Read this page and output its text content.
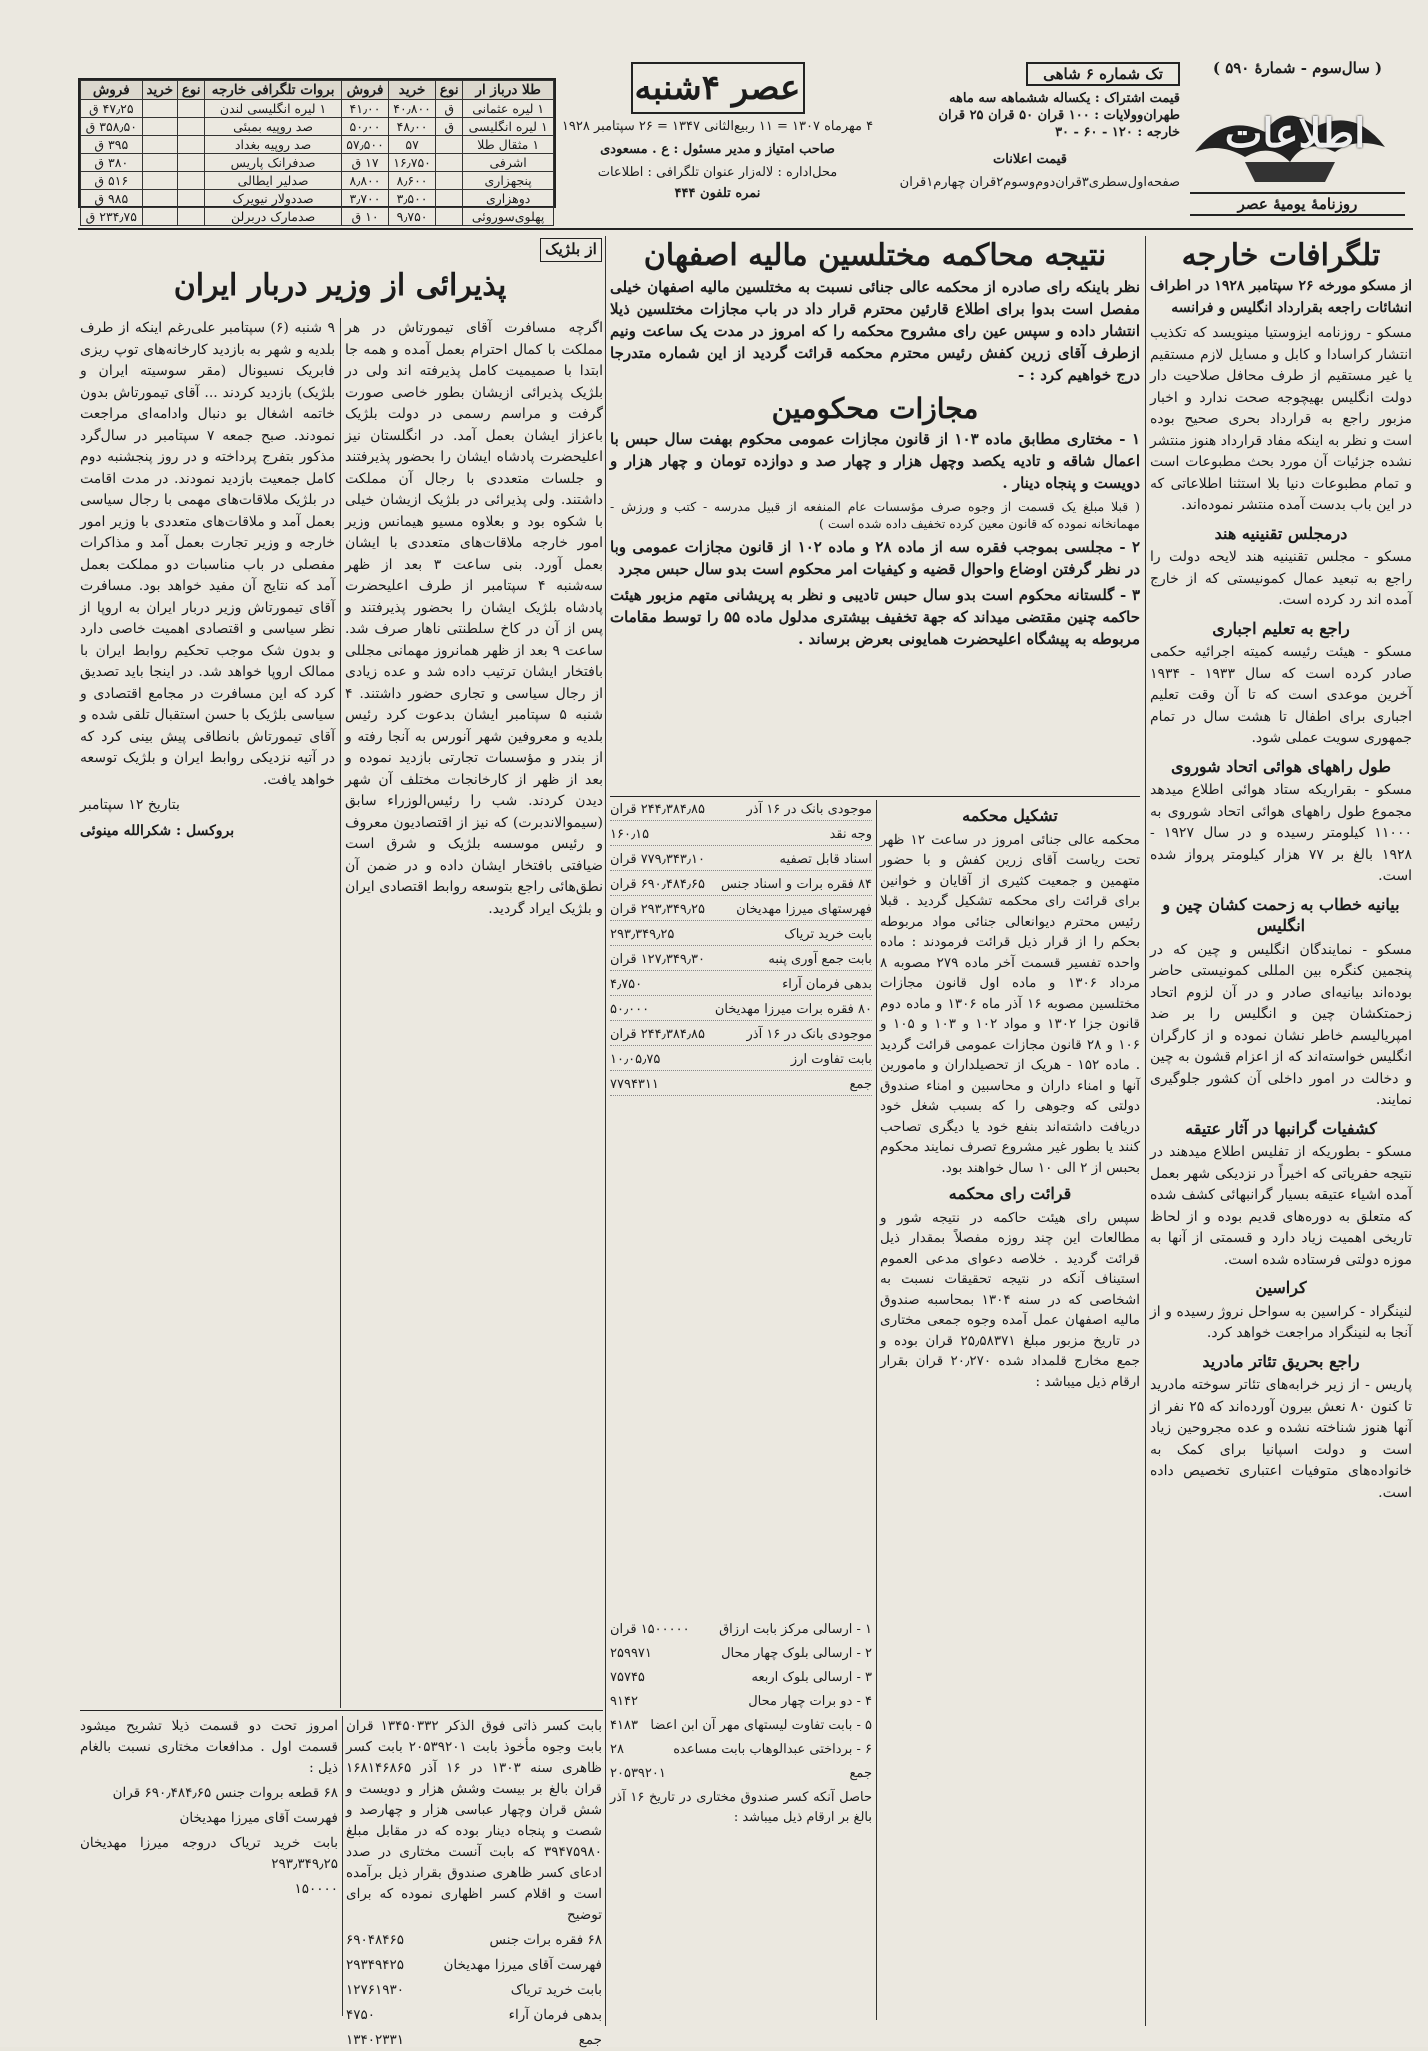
( سال‌سوم - شمارهٔ ۵۹۰ )
اطلاعات
روزنامهٔ یومیهٔ عصر
تک شماره ۶ شاهی
قیمت اشتراک : یکساله ششماهه سه ماهه
طهران‌وولایات : ۱۰۰ قران ۵۰ قران ۲۵ قران
خارجه : ۱۲۰ - ۶۰ - ۳۰
قیمت اعلانات
صفحه‌اول‌سطری‌۳قران‌دوم‌وسوم‌۲قران چهارم‌۱قران
عصر ۴شنبه
۴ مهرماه ۱۳۰۷ = ۱۱ ربیع‌الثانی ۱۳۴۷ = ۲۶ سپتامبر ۱۹۲۸
صاحب امتیاز و مدیر مسئول : ع . مسعودی
محل‌اداره : لاله‌زار عنوان تلگرافی : اطلاعات
نمره تلفون ۴۴۴
طلا درباز ار	نوع	خرید	فروش	بروات تلگرافی خارجه	نوع	خرید	فروش
۱ لیره عثمانی	ق	۴۰٫۸۰۰	۴۱٫۰۰	۱ لیره انگلیسی لندن			۴۷٫۲۵ ق
۱ لیره انگلیسی	ق	۴۸٫۰۰	۵۰٫۰۰	صد روپیه بمبئی			۳۵۸٫۵۰ ق
۱ مثقال طلا		۵۷	۵۷٫۵۰۰	صد روپیه بغداد			۳۹۵ ق
اشرفی		۱۶٫۷۵۰	۱۷ ق	صدفرانک پاریس			۳۸۰ ق
پنجهزاری		۸٫۶۰۰	۸٫۸۰۰	صدلیر ایطالی			۵۱۶ ق
دوهزاری		۳٫۵۰۰	۳٫۷۰۰	صددولار نیویرک			۹۸۵ ق
پهلوی‌سوروئی		۹٫۷۵۰	۱۰ ق	صدمارک دربرلن			۲۳۴٫۷۵ ق
تلگرافات خارجه

از مسکو مورخه ۲۶ سپتامبر ۱۹۲۸ در اطراف انشائات راجعه بقرارداد انگلیس و فرانسه

مسکو - روزنامه ایزوستیا مینویسد که تکذیب انتشار کراسادا و کابل و مسایل لازم مستقیم یا غیر مستقیم از طرف محافل صلاحیت دار دولت انگلیس بهیچوجه صحت ندارد و اخبار مزبور راجع به قرارداد بحری صحیح بوده است و نظر به اینکه مفاد قرارداد هنوز منتشر نشده جزئیات آن مورد بحث مطبوعات است و تمام مطبوعات دنیا بلا استثنا اطلاعاتی که در این باب بدست آمده منتشر نموده‌اند.

درمجلس تقنینیه هند

مسکو - مجلس تقنینیه هند لایحه دولت را راجع به تبعید عمال کمونیستی که از خارج آمده اند رد کرده است.

راجع به تعلیم اجباری

مسکو - هیئت رئیسه کمیته اجرائیه حکمی صادر کرده است که سال ۱۹۳۳ - ۱۹۳۴ آخرین موعدی است که تا آن وقت تعلیم اجباری برای اطفال تا هشت سال در تمام جمهوری سویت عملی شود.

طول راههای هوائی اتحاد شوروی

مسکو - بقراریکه ستاد هوائی اطلاع میدهد مجموع طول راههای هوائی اتحاد شوروی به ۱۱۰۰۰ کیلومتر رسیده و در سال ۱۹۲۷ - ۱۹۲۸ بالغ بر ۷۷ هزار کیلومتر پرواز شده است.

بیانیه خطاب به زحمت کشان چین و انگلیس

مسکو - نمایندگان انگلیس و چین که در پنجمین کنگره بین المللی کمونیستی حاضر بوده‌اند بیانیه‌ای صادر و در آن لزوم اتحاد زحمتکشان چین و انگلیس را بر ضد امپریالیسم خاطر نشان نموده و از کارگران انگلیس خواسته‌اند که از اعزام قشون به چین و دخالت در امور داخلی آن کشور جلوگیری نمایند.

کشفیات گرانبها در آثار عتیقه

مسکو - بطوریکه از تفلیس اطلاع میدهند در نتیجه حفریاتی که اخیراً در نزدیکی شهر بعمل آمده اشیاء عتیقه بسیار گرانبهائی کشف شده که متعلق به دوره‌های قدیم بوده و از لحاظ تاریخی اهمیت زیاد دارد و قسمتی از آنها به موزه دولتی فرستاده شده است.

کراسین

لنینگراد - کراسین به سواحل نروژ رسیده و از آنجا به لنینگراد مراجعت خواهد کرد.

راجع بحریق تئاتر مادرید

پاریس - از زیر خرابه‌های تئاتر سوخته مادرید تا کنون ۸۰ نعش بیرون آورده‌اند که ۲۵ نفر از آنها هنوز شناخته نشده و عده مجروحین زیاد است و دولت اسپانیا برای کمک به خانواده‌های متوفیات اعتباری تخصیص داده است.

نتیجه محاکمه مختلسین مالیه اصفهان

نظر باینکه رای صادره از محکمه عالی جنائی نسبت به مختلسین مالیه اصفهان خیلی مفصل است بدوا برای اطلاع قارئین محترم قرار داد در باب مجازات مختلسین ذیلا انتشار داده و سپس عین رای مشروح محکمه را که امروز در مدت یک ساعت ونیم ازطرف آقای زرین کفش رئیس محترم محکمه قرائت گردید از این شماره متدرجا درج خواهیم کرد : -

مجازات محکومین

۱ - مختاری مطابق ماده ۱۰۳ از قانون مجازات عمومی محکوم بهفت سال حبس با اعمال شاقه و تادیه یکصد وچهل هزار و چهار صد و دوازده تومان و چهار هزار و دویست و پنجاه دینار .

( قبلا مبلغ یک قسمت از وجوه صرف مؤسسات عام المنفعه از قبیل مدرسه - کتب و ورزش - مهمانخانه نموده که قانون معین کرده تخفیف داده شده است )

۲ - مجلسی بموجب فقره سه از ماده ۲۸ و ماده ۱۰۲ از قانون مجازات عمومی وبا در نظر گرفتن اوضاع واحوال قضیه و کیفیات امر محکوم است بدو سال حبس مجرد

۳ - گلستانه محکوم است بدو سال حبس تادیبی و نظر به پریشانی متهم مزبور هیئت حاکمه چنین مقتضی میداند که جهة تخفیف بیشتری مدلول ماده ۵۵ را توسط مقامات مربوطه به پیشگاه اعلیحضرت همایونی بعرض برساند .

تشکیل محکمه

محکمه عالی جنائی امروز در ساعت ۱۲ ظهر تحت ریاست آقای زرین کفش و با حضور متهمین و جمعیت کثیری از آقایان و خوانین برای قرائت رای محکمه تشکیل گردید . قبلا رئیس محترم دیوانعالی جنائی مواد مربوطه بحکم را از قرار ذیل قرائت فرمودند : ماده واحده تفسیر قسمت آخر ماده ۲۷۹ مصوبه ۸ مرداد ۱۳۰۶ و ماده اول قانون مجازات مختلسین مصوبه ۱۶ آذر ماه ۱۳۰۶ و ماده دوم قانون جزا ۱۳۰۲ و مواد ۱۰۲ و ۱۰۳ و ۱۰۵ و ۱۰۶ و ۲۸ قانون مجازات عمومی قرائت گردید . ماده ۱۵۲ - هریک از تحصیلداران و مامورین آنها و امناء داران و محاسبین و امناء صندوق دولتی که وجوهی را که بسبب شغل خود دریافت داشته‌اند بنفع خود یا دیگری تصاحب کنند یا بطور غیر مشروع تصرف نمایند محکوم بحبس از ۲ الی ۱۰ سال خواهند بود.

قرائت رای محکمه

سپس رای هیئت حاکمه در نتیجه شور و مطالعات این چند روزه مفصلاً بمقدار ذیل قرائت گردید . خلاصه دعوای مدعی العموم استیناف آنکه در نتیجه تحقیقات نسبت به اشخاصی که در سنه ۱۳۰۴ بمحاسبه صندوق مالیه اصفهان عمل آمده وجوه جمعی مختاری در تاریخ مزبور مبلغ ۲۵٫۵۸۳۷۱ قران بوده و جمع مخارج قلمداد شده ۲۰٫۲۷۰ قران بقرار ارقام ذیل میباشد :

موجودی بانک در ۱۶ آذر
۲۴۴٫۳۸۴٫۸۵ قران

وجه نقد
۱۶۰٫۱۵

اسناد قابل تصفیه
۷۷۹٫۳۴۳٫۱۰ قران

۸۴ فقره برات و اسناد جنس
۶۹۰٫۴۸۴٫۶۵ قران

فهرستهای میرزا مهدیخان
۲۹۳٫۳۴۹٫۲۵ قران

بابت خرید تریاک
۲۹۳٫۳۴۹٫۲۵

بابت جمع آوری پنبه
۱۲۷٫۳۴۹٫۳۰ قران

بدهی فرمان آراء
۴٫۷۵۰

۸۰ فقره برات میرزا مهدیخان
۵۰٫۰۰۰

موجودی بانک در ۱۶ آذر
۲۴۴٫۳۸۴٫۸۵ قران

بابت تفاوت ارز
۱۰٫۰۵٫۷۵

جمع
۷۷۹۴۳۱۱

۱ - ارسالی مرکز بابت ارزاق
۱۵۰۰۰۰۰ قران

۲ - ارسالی بلوک چهار محال
۲۵۹۹۷۱

۳ - ارسالی بلوک اربعه
۷۵۷۴۵

۴ - دو برات چهار محال
۹۱۴۲

۵ - بابت تفاوت لیستهای مهر آن ابن اعضا
۴۱۸۳

۶ - برداختی عبدالوهاب بابت مساعده
۲۸

جمع
۲۰۵۳۹۲۰۱

حاصل آنکه کسر صندوق مختاری در تاریخ ۱۶ آذر بالغ بر ارقام ذیل میباشد :

از بلژیک
پذیرائی از وزیر دربار ایران

اگرچه مسافرت آقای تیمورتاش در هر مملکت با کمال احترام بعمل آمده و همه جا ابتدا با صمیمیت کامل پذیرفته اند ولی در بلژیک پذیرائی ازیشان بطور خاصی صورت گرفت و مراسم رسمی در دولت بلژیک باعزاز ایشان بعمل آمد. در انگلستان نیز اعلیحضرت پادشاه ایشان را بحضور پذیرفتند و جلسات متعددی با رجال آن مملکت داشتند. ولی پذیرائی در بلژیک ازیشان خیلی با شکوه بود و بعلاوه مسیو هیمانس وزیر امور خارجه ملاقات‌های متعددی با ایشان بعمل آورد. بنی ساعت ۳ بعد از ظهر سه‌شنبه ۴ سپتامبر از طرف اعلیحضرت پادشاه بلژیک ایشان را بحضور پذیرفتند و پس از آن در کاخ سلطنتی ناهار صرف شد. ساعت ۹ بعد از ظهر همانروز مهمانی مجللی بافتخار ایشان ترتیب داده شد و عده زیادی از رجال سیاسی و تجاری حضور داشتند. ۴ شنبه ۵ سپتامبر ایشان بدعوت کرد رئیس بلدیه و معروفین شهر آنورس به آنجا رفته و از بندر و مؤسسات تجارتی بازدید نموده و بعد از ظهر از کارخانجات مختلف آن شهر دیدن کردند. شب را رئیس‌الوزراء سابق (سیموالاندبرت) که نیز از اقتصادیون معروف و رئیس موسسه بلژیک و شرق است ضیافتی بافتخار ایشان داده و در ضمن آن نطق‌هائی راجع بتوسعه روابط اقتصادی ایران و بلژیک ایراد گردید.

۹ شنبه (۶) سپتامبر علی‌رغم اینکه از طرف بلدیه و شهر به بازدید کارخانه‌های توپ ریزی فابریک نسیونال (مقر سوسیته ایران و بلژیک) بازدید کردند ... آقای تیمورتاش بدون خاتمه اشغال بو دنبال وادامه‌ای مراجعت نمودند. صبح جمعه ۷ سپتامبر در سال‌گرد مذکور بتفرج پرداخته و در روز پنجشنبه دوم کامل جمعیت بازدید نمودند. در مدت اقامت در بلژیک ملاقات‌های مهمی با رجال سیاسی بعمل آمد و ملاقات‌های متعددی با وزیر امور خارجه و وزیر تجارت بعمل آمد و مذاکرات مفصلی در باب مناسبات دو مملکت بعمل آمد که نتایج آن مفید خواهد بود. مسافرت آقای تیمورتاش وزیر دربار ایران به اروپا از نظر سیاسی و اقتصادی اهمیت خاصی دارد و بدون شک موجب تحکیم روابط ایران با ممالک اروپا خواهد شد. در اینجا باید تصدیق کرد که این مسافرت در مجامع اقتصادی و سیاسی بلژیک با حسن استقبال تلقی شده و آقای تیمورتاش بانطاقی پیش بینی کرد که در آتیه نزدیکی روابط ایران و بلژیک توسعه خواهد یافت.

بتاریخ ۱۲ سپتامبر

بروکسل : شکرالله مینوئی

امروز تحت دو قسمت ذیلا تشریح میشود قسمت اول . مدافعات مختاری نسبت بالغام ذیل :

۶۸ قطعه بروات جنس ۶۹۰٫۴۸۴٫۶۵ قران

فهرست آقای میرزا مهدیخان

بابت خرید تریاک دروجه میرزا مهدیخان ۲۹۳٫۳۴۹٫۲۵

۱۵۰۰۰۰

بابت کسر ذاتی فوق الذکر ۱۳۴۵۰۳۳۲ قران بابت وجوه مأخوذ بابت ۲۰۵۳۹۲۰۱ بابت کسر ظاهری سنه ۱۳۰۳ در ۱۶ آذر ۱۶۸۱۴۶۸۶۵ قران بالغ بر بیست وشش هزار و دویست و شش قران وچهار عباسی هزار و چهارصد و شصت و پنجاه دینار بوده که در مقابل مبلغ ۳۹۴۷۵۹۸۰ که بابت آنست مختاری در صدد ادعای کسر ظاهری صندوق بقرار ذیل برآمده است و اقلام کسر اظهاری نموده که برای توضیح

۶۸ فقره برات جنس
۶۹۰۴۸۴۶۵

فهرست آقای میرزا مهدیخان
۲۹۳۴۹۴۲۵

بابت خرید تریاک
۱۲۷۶۱۹۳۰

بدهی فرمان آراء
۴۷۵۰

جمع
۱۳۴۰۲۳۳۱
